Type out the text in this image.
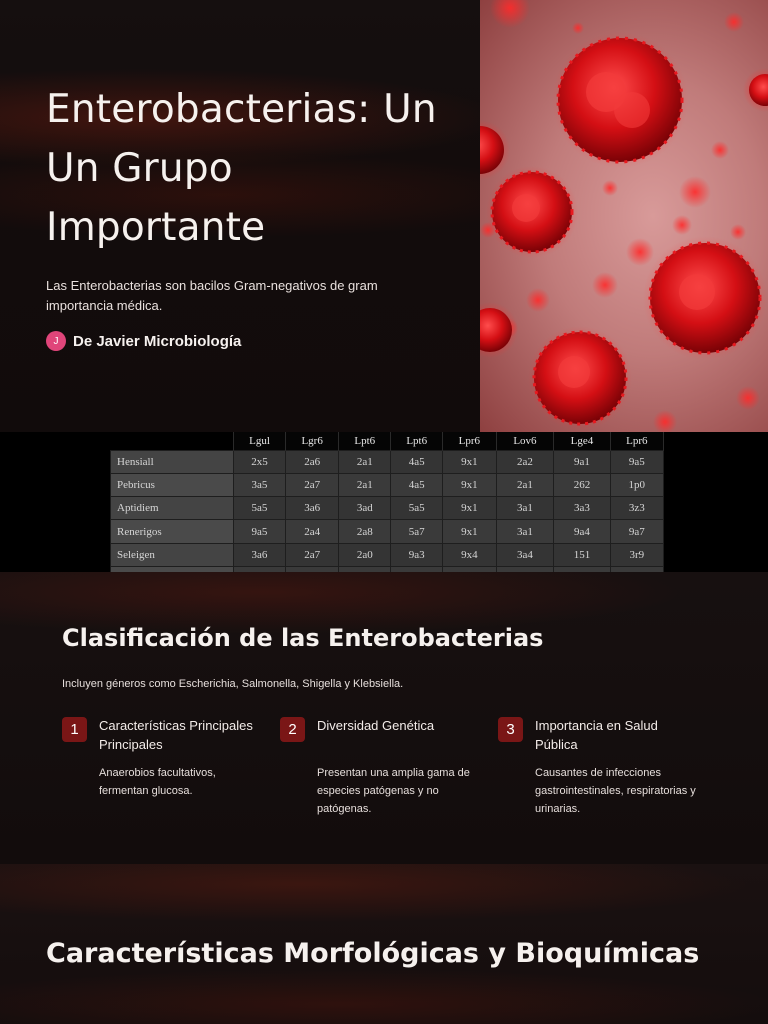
Enterobacterias: Un
Un Grupo
Importante

Las Enterobacterias son bacilos Gram-negativos de gram
importancia médica.

J De Javier Microbiología
	Lgul	Lgr6	Lpt6	Lpt6	Lpr6	Lov6	Lge4	Lpr6
Hensiall	2x5	2a6	2a1	4a5	9x1	2a2	9a1	9a5
Pebricus	3a5	2a7	2a1	4a5	9x1	2a1	262	1p0
Aptidiem	5a5	3a6	3ad	5a5	9x1	3a1	3a3	3z3
Renerigos	9a5	2a4	2a8	5a7	9x1	3a1	9a4	9a7
Seleigen	3a6	2a7	2a0	9a3	9x4	3a4	151	3r9

Clasificación de las Enterobacterias

Incluyen géneros como Escherichia, Salmonella, Shigella y Klebsiella.

1	Características Principales
Principales
Anaerobios facultativos,
fermentan glucosa.
2	Diversidad Genética
Presentan una amplia gama de
especies patógenas y no
patógenas.
3	Importancia en Salud
Pública
Causantes de infecciones
gastrointestinales, respiratorias y
urinarias.
Características Morfológicas y Bioquímicas
